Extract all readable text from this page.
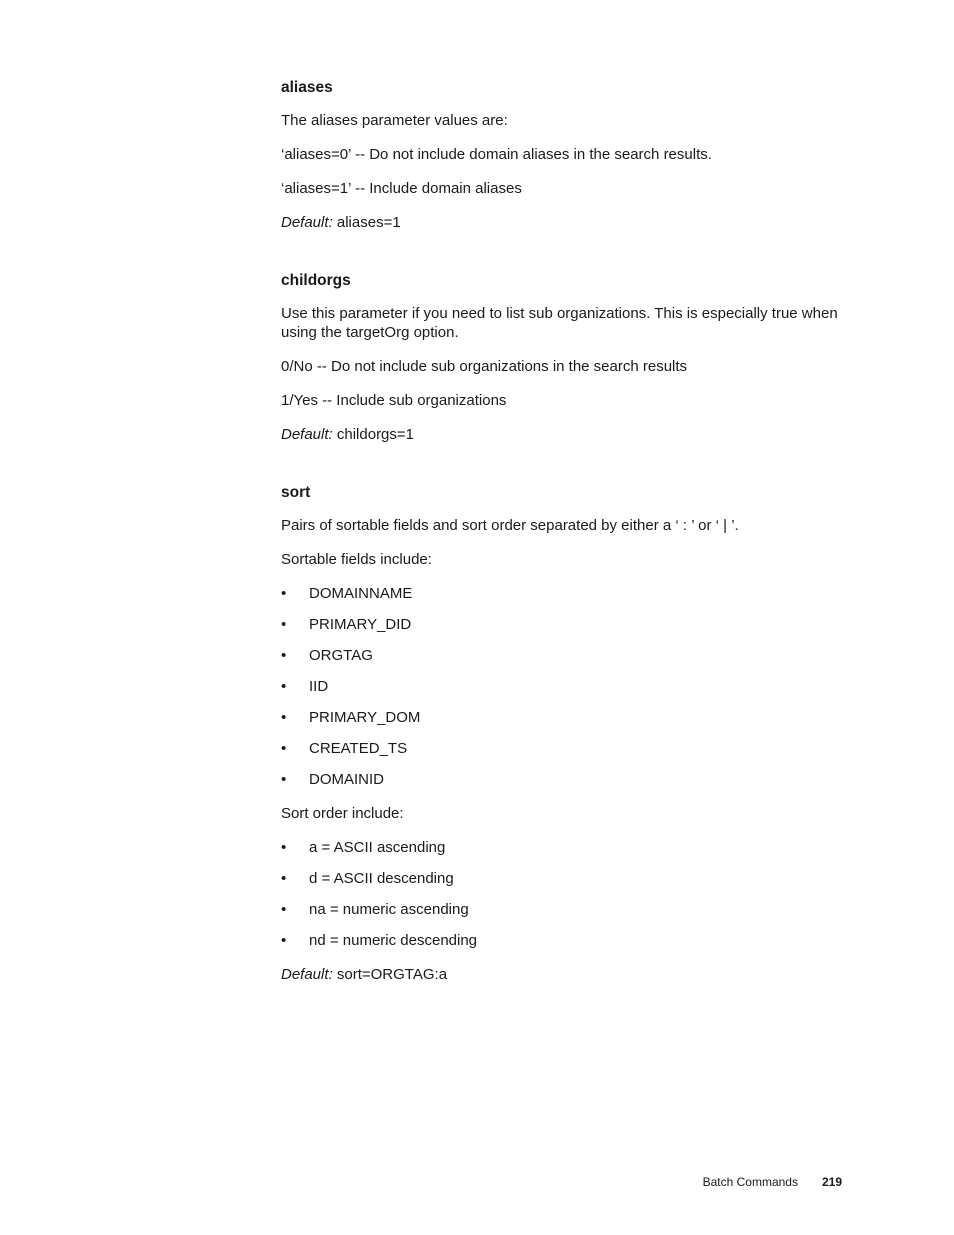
aliases

The aliases parameter values are:

‘aliases=0’ -- Do not include domain aliases in the search results.

‘aliases=1’ -- Include domain aliases

Default: aliases=1

childorgs

Use this parameter if you need to list sub organizations. This is especially true when using the targetOrg option.

0/No -- Do not include sub organizations in the search results

1/Yes -- Include sub organizations

Default: childorgs=1

sort

Pairs of sortable fields and sort order separated by either a ‘ : ’ or ‘ | ’.

Sortable fields include:

•	DOMAINNAME
•	PRIMARY_DID
•	ORGTAG
•	IID
•	PRIMARY_DOM
•	CREATED_TS
•	DOMAINID

Sort order include:

•	a = ASCII ascending
•	d = ASCII descending
•	na = numeric ascending
•	nd = numeric descending

Default: sort=ORGTAG:a

Batch Commands 219
